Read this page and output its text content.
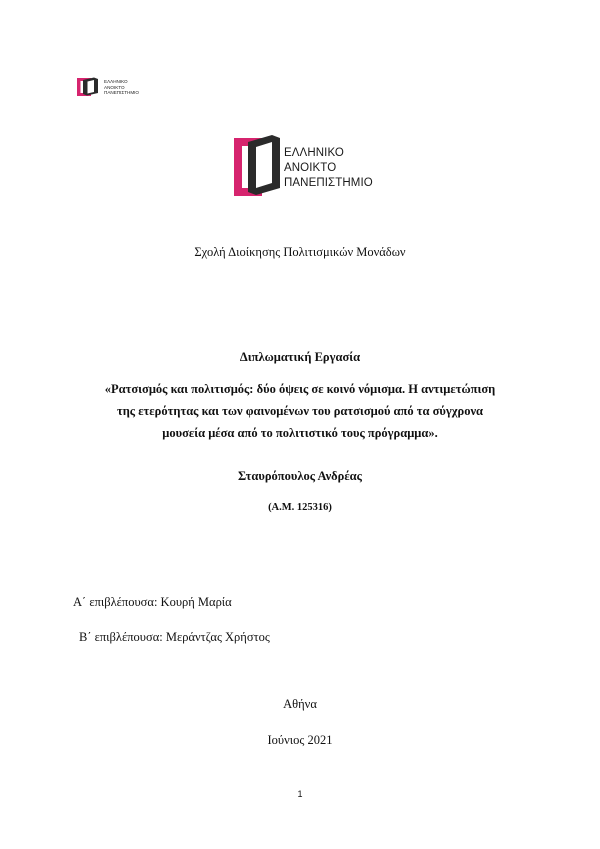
ΕΛΛΗΝΙΚΟ
ΑΝΟΙΚΤΟ
ΠΑΝΕΠΙΣΤΗΜΙΟ
ΕΛΛΗΝΙΚΟ
ΑΝΟΙΚΤΟ
ΠΑΝΕΠΙΣΤΗΜΙΟ
Σχολή Διοίκησης Πολιτισμικών Μονάδων
Διπλωματική Εργασία
«Ρατσισμός και πολιτισμός: δύο όψεις σε κοινό νόμισμα. Η αντιμετώπιση
της ετερότητας και των φαινομένων του ρατσισμού από τα σύγχρονα
μουσεία μέσα από το πολιτιστικό τους πρόγραμμα».
Σταυρόπουλος Ανδρέας
(Α.Μ. 125316)
Α΄ επιβλέπουσα: Κουρή Μαρία
Β΄ επιβλέπουσα: Μεράντζας Χρήστος
Αθήνα
Ιούνιος 2021
1
